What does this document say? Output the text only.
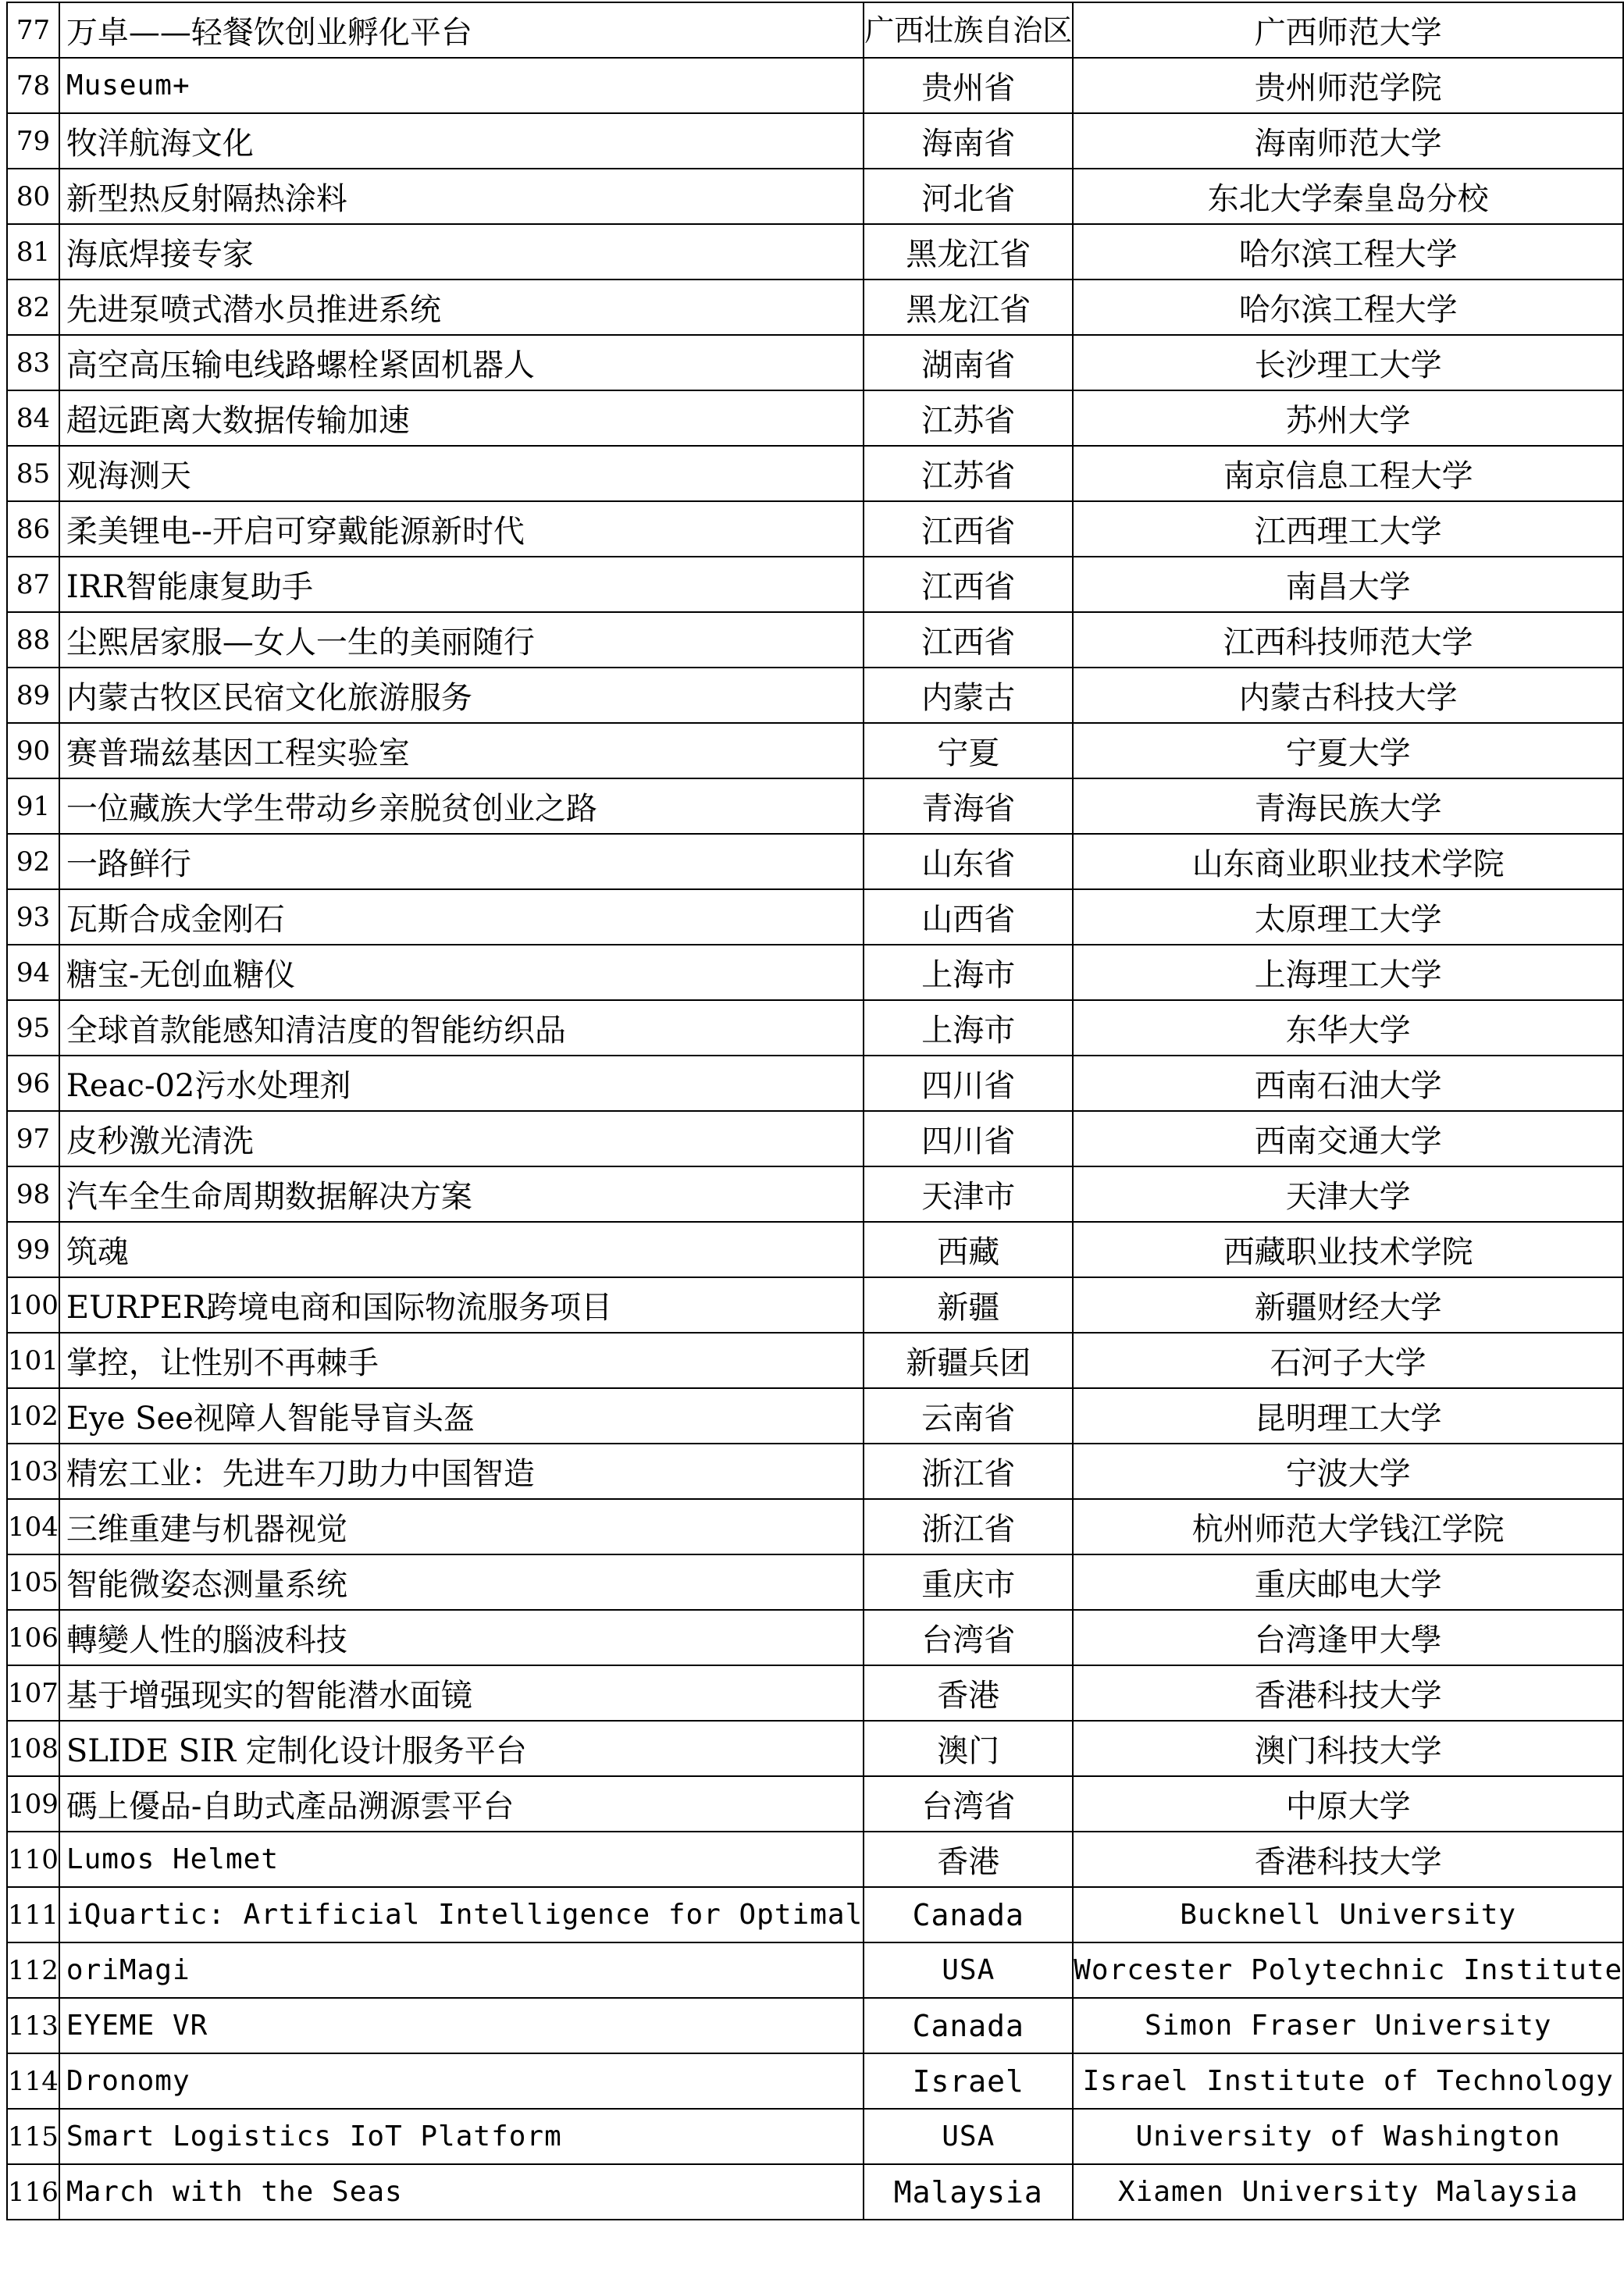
77	万卓——轻餐饮创业孵化平台	广西壮族自治区	广西师范大学
78	Museum+	贵州省	贵州师范学院
79	牧洋航海文化	海南省	海南师范大学
80	新型热反射隔热涂料	河北省	东北大学秦皇岛分校
81	海底焊接专家	黑龙江省	哈尔滨工程大学
82	先进泵喷式潜水员推进系统	黑龙江省	哈尔滨工程大学
83	高空高压输电线路螺栓紧固机器人	湖南省	长沙理工大学
84	超远距离大数据传输加速	江苏省	苏州大学
85	观海测天	江苏省	南京信息工程大学
86	柔美锂电--开启可穿戴能源新时代	江西省	江西理工大学
87	IRR智能康复助手	江西省	南昌大学
88	尘熙居家服—女人一生的美丽随行	江西省	江西科技师范大学
89	内蒙古牧区民宿文化旅游服务	内蒙古	内蒙古科技大学
90	赛普瑞兹基因工程实验室	宁夏	宁夏大学
91	一位藏族大学生带动乡亲脱贫创业之路	青海省	青海民族大学
92	一路鲜行	山东省	山东商业职业技术学院
93	瓦斯合成金刚石	山西省	太原理工大学
94	糖宝-无创血糖仪	上海市	上海理工大学
95	全球首款能感知清洁度的智能纺织品	上海市	东华大学
96	Reac-02污水处理剂	四川省	西南石油大学
97	皮秒激光清洗	四川省	西南交通大学
98	汽车全生命周期数据解决方案	天津市	天津大学
99	筑魂	西藏	西藏职业技术学院
100	EURPER跨境电商和国际物流服务项目	新疆	新疆财经大学
101	掌控，让性别不再棘手	新疆兵团	石河子大学
102	Eye See视障人智能导盲头盔	云南省	昆明理工大学
103	精宏工业：先进车刀助力中国智造	浙江省	宁波大学
104	三维重建与机器视觉	浙江省	杭州师范大学钱江学院
105	智能微姿态测量系统	重庆市	重庆邮电大学
106	轉變人性的腦波科技	台湾省	台湾逢甲大學
107	基于增强现实的智能潜水面镜	香港	香港科技大学
108	SLIDE SIR 定制化设计服务平台	澳门	澳门科技大学
109	碼上優品-自助式產品溯源雲平台	台湾省	中原大学
110	Lumos Helmet	香港	香港科技大学
111	iQuartic: Artificial Intelligence for Optimal	Canada	Bucknell University
112	oriMagi	USA	Worcester Polytechnic Institute
113	EYEME VR	Canada	Simon Fraser University
114	Dronomy	Israel	Israel Institute of Technology
115	Smart Logistics IoT Platform	USA	University of Washington
116	March with the Seas	Malaysia	Xiamen University Malaysia
